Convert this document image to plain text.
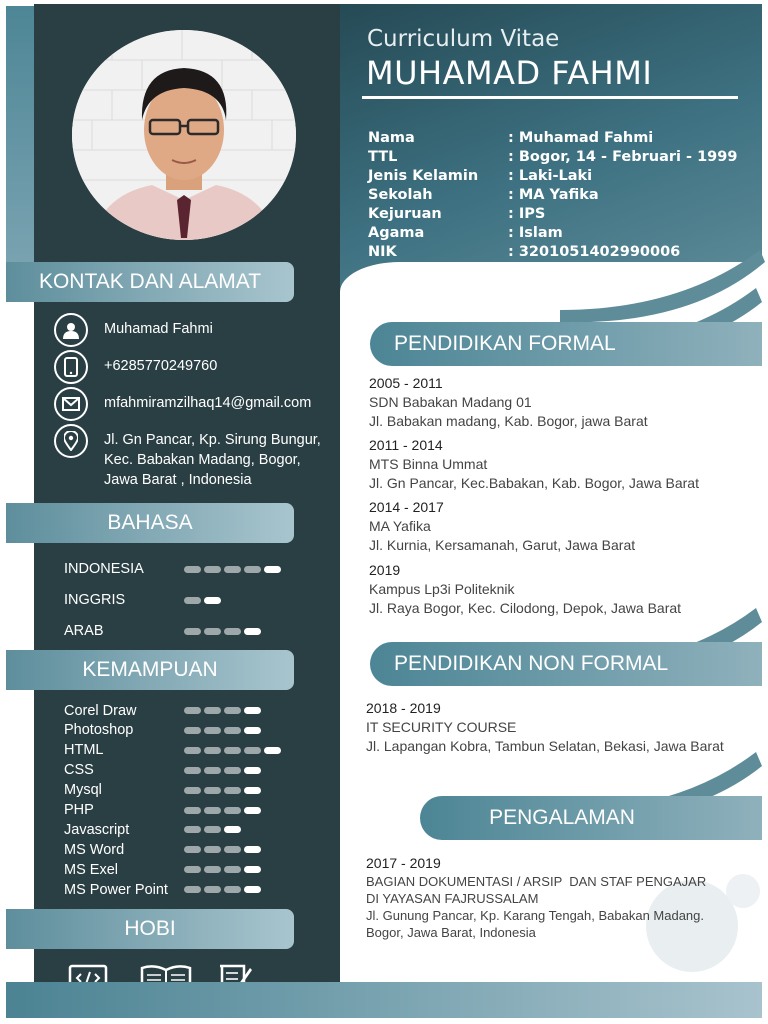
Curriculum Vitae
MUHAMAD FAHMI
Nama	: Muhamad Fahmi
TTL	: Bogor, 14 - Februari - 1999
Jenis Kelamin	: Laki-Laki
Sekolah	: MA Yafika
Kejuruan	: IPS
Agama	: Islam
NIK	: 3201051402990006
KONTAK DAN ALAMAT
Muhamad Fahmi
+6285770249760
mfahmiramzilhaq14@gmail.com
Jl. Gn Pancar, Kp. Sirung Bungur,
Kec. Babakan Madang, Bogor,
Jawa Barat , Indonesia
BAHASA
KEMAMPUAN
HOBI
PENDIDIKAN FORMAL
2005 - 2011
SDN Babakan Madang 01
Jl. Babakan madang, Kab. Bogor, jawa Barat
2011 - 2014
MTS Binna Ummat
Jl. Gn Pancar, Kec.Babakan, Kab. Bogor, Jawa Barat
2014 - 2017
MA Yafika
Jl. Kurnia, Kersamanah, Garut, Jawa Barat
2019
Kampus Lp3i Politeknik
Jl. Raya Bogor, Kec. Cilodong, Depok, Jawa Barat
PENDIDIKAN NON FORMAL
2018 - 2019
IT SECURITY COURSE
Jl. Lapangan Kobra, Tambun Selatan, Bekasi, Jawa Barat
PENGALAMAN
2017 - 2019
BAGIAN DOKUMENTASI / ARSIP  DAN STAF PENGAJAR
DI YAYASAN FAJRUSSALAM
Jl. Gunung Pancar, Kp. Karang Tengah, Babakan Madang.
Bogor, Jawa Barat, Indonesia
INDONESIA
INGGRIS
ARAB
Corel Draw
Photoshop
HTML
CSS
Mysql
PHP
Javascript
MS Word
MS Exel
MS Power Point
